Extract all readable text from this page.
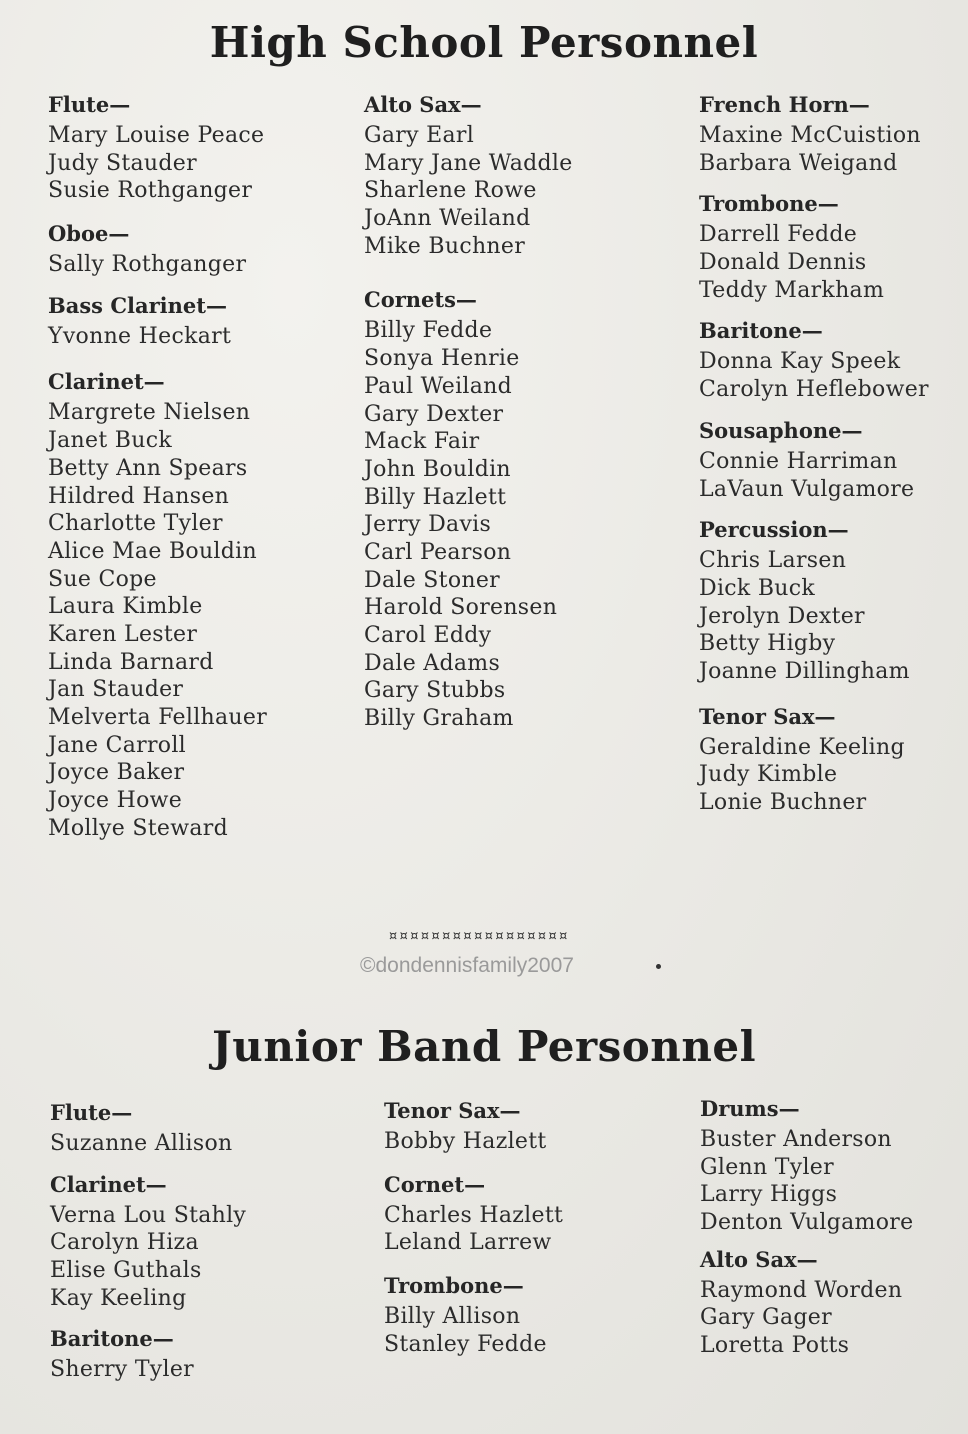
High School Personnel
Flute—
Mary Louise Peace
Judy Stauder
Susie Rothganger
Oboe—
Sally Rothganger
Bass Clarinet—
Yvonne Heckart
Clarinet—
Margrete Nielsen
Janet Buck
Betty Ann Spears
Hildred Hansen
Charlotte Tyler
Alice Mae Bouldin
Sue Cope
Laura Kimble
Karen Lester
Linda Barnard
Jan Stauder
Melverta Fellhauer
Jane Carroll
Joyce Baker
Joyce Howe
Mollye Steward
Alto Sax—
Gary Earl
Mary Jane Waddle
Sharlene Rowe
JoAnn Weiland
Mike Buchner
Cornets—
Billy Fedde
Sonya Henrie
Paul Weiland
Gary Dexter
Mack Fair
John Bouldin
Billy Hazlett
Jerry Davis
Carl Pearson
Dale Stoner
Harold Sorensen
Carol Eddy
Dale Adams
Gary Stubbs
Billy Graham
French Horn—
Maxine McCuistion
Barbara Weigand
Trombone—
Darrell Fedde
Donald Dennis
Teddy Markham
Baritone—
Donna Kay Speek
Carolyn Heflebower
Sousaphone—
Connie Harriman
LaVaun Vulgamore
Percussion—
Chris Larsen
Dick Buck
Jerolyn Dexter
Betty Higby
Joanne Dillingham
Tenor Sax—
Geraldine Keeling
Judy Kimble
Lonie Buchner
¤¤¤¤¤¤¤¤¤¤¤¤¤¤¤¤¤
©dondennisfamily2007
Junior Band Personnel
Flute—
Suzanne Allison
Clarinet—
Verna Lou Stahly
Carolyn Hiza
Elise Guthals
Kay Keeling
Baritone—
Sherry Tyler
Tenor Sax—
Bobby Hazlett
Cornet—
Charles Hazlett
Leland Larrew
Trombone—
Billy Allison
Stanley Fedde
Drums—
Buster Anderson
Glenn Tyler
Larry Higgs
Denton Vulgamore
Alto Sax—
Raymond Worden
Gary Gager
Loretta Potts
